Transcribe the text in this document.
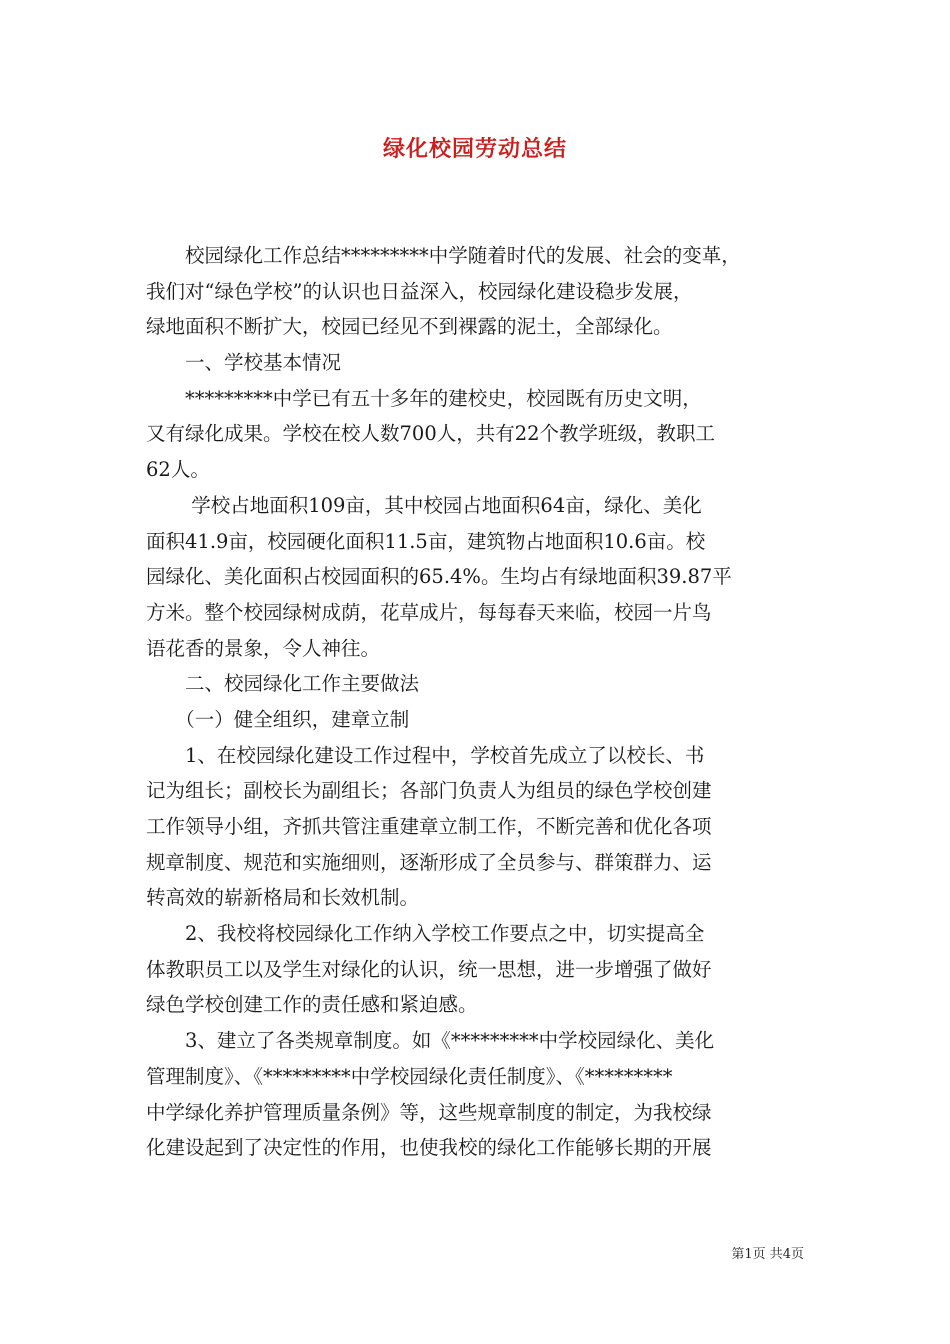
绿化校园劳动总结
　　校园绿化工作总结*********中学随着时代的发展、社会的变革，
我们对“绿色学校”的认识也日益深入，校园绿化建设稳步发展，
绿地面积不断扩大，校园已经见不到裸露的泥土，全部绿化。
　　一、学校基本情况
　　*********中学已有五十多年的建校史，校园既有历史文明，
又有绿化成果。学校在校人数700人，共有22个教学班级，教职工
62人。
　　 学校占地面积109亩，其中校园占地面积64亩，绿化、美化
面积41.9亩，校园硬化面积11.5亩，建筑物占地面积10.6亩。校
园绿化、美化面积占校园面积的65.4%。生均占有绿地面积39.87平
方米。整个校园绿树成荫，花草成片，每每春天来临，校园一片鸟
语花香的景象，令人神往。
　　二、校园绿化工作主要做法
　　（一）健全组织，建章立制
　　1、在校园绿化建设工作过程中，学校首先成立了以校长、书
记为组长；副校长为副组长；各部门负责人为组员的绿色学校创建
工作领导小组，齐抓共管注重建章立制工作，不断完善和优化各项
规章制度、规范和实施细则，逐渐形成了全员参与、群策群力、运
转高效的崭新格局和长效机制。
　　2、我校将校园绿化工作纳入学校工作要点之中，切实提高全
体教职员工以及学生对绿化的认识，统一思想，进一步增强了做好
绿色学校创建工作的责任感和紧迫感。
　　3、建立了各类规章制度。如《*********中学校园绿化、美化
管理制度》、《*********中学校园绿化责任制度》、《*********
中学绿化养护管理质量条例》等，这些规章制度的制定，为我校绿
化建设起到了决定性的作用，也使我校的绿化工作能够长期的开展
第1页 共4页
